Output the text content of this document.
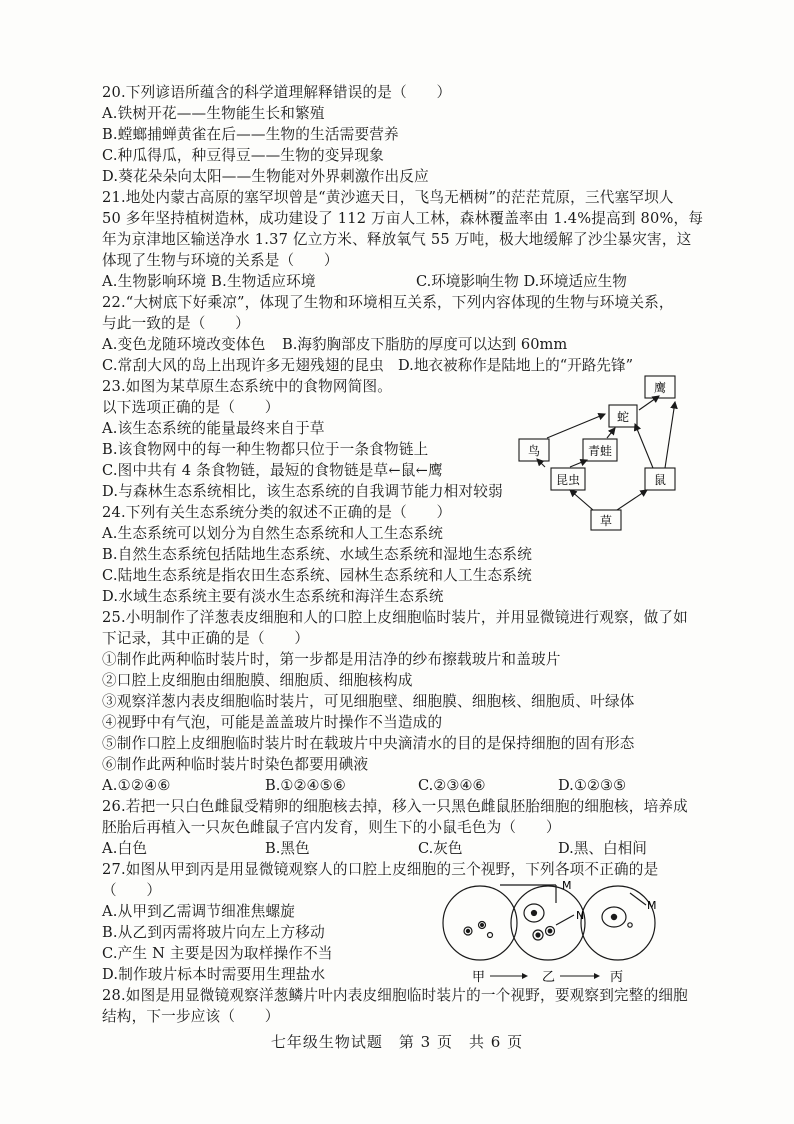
20.下列谚语所蕴含的科学道理解释错误的是（　　）
A.铁树开花——生物能生长和繁殖
B.螳螂捕蝉黄雀在后——生物的生活需要营养
C.种瓜得瓜，种豆得豆——生物的变异现象
D.葵花朵朵向太阳——生物能对外界刺激作出反应
21.地处内蒙古高原的塞罕坝曾是“黄沙遮天日，飞鸟无栖树”的茫茫荒原，三代塞罕坝人
50 多年坚持植树造林，成功建设了 112 万亩人工林，森林覆盖率由 1.4%提高到 80%，每
年为京津地区输送净水 1.37 亿立方米、释放氧气 55 万吨，极大地缓解了沙尘暴灾害，这
体现了生物与环境的关系是（　　）
A.生物影响环境 B.生物适应环境	C.环境影响生物 D.环境适应生物
22.“大树底下好乘凉”，体现了生物和环境相互关系，下列内容体现的生物与环境关系，
与此一致的是（　　）
A.变色龙随环境改变体色 B.海豹胸部皮下脂肪的厚度可以达到 60mm
C.常刮大风的岛上出现许多无翅残翅的昆虫 D.地衣被称作是陆地上的“开路先锋”
23.如图为某草原生态系统中的食物网简图。
以下选项正确的是（　　）
A.该生态系统的能量最终来自于草
B.该食物网中的每一种生物都只位于一条食物链上
C.图中共有 4 条食物链，最短的食物链是草←鼠←鹰
D.与森林生态系统相比，该生态系统的自我调节能力相对较弱
鹰
蛇
鸟	青蛙
昆虫	鼠
草
24.下列有关生态系统分类的叙述不正确的是（　　）
A.生态系统可以划分为自然生态系统和人工生态系统
B.自然生态系统包括陆地生态系统、水域生态系统和湿地生态系统
C.陆地生态系统是指农田生态系统、园林生态系统和人工生态系统
D.水域生态系统主要有淡水生态系统和海洋生态系统
25.小明制作了洋葱表皮细胞和人的口腔上皮细胞临时装片，并用显微镜进行观察，做了如
下记录，其中正确的是（　　）
①制作此两种临时装片时，第一步都是用洁净的纱布擦载玻片和盖玻片
②口腔上皮细胞由细胞膜、细胞质、细胞核构成
③观察洋葱内表皮细胞临时装片，可见细胞壁、细胞膜、细胞核、细胞质、叶绿体
④视野中有气泡，可能是盖盖玻片时操作不当造成的
⑤制作口腔上皮细胞临时装片时在载玻片中央滴清水的目的是保持细胞的固有形态
⑥制作此两种临时装片时染色都要用碘液
A.①②④⑥	B.①②④⑤⑥	C.②③④⑥	D.①②③⑤
26.若把一只白色雌鼠受精卵的细胞核去掉，移入一只黑色雌鼠胚胎细胞的细胞核，培养成
胚胎后再植入一只灰色雌鼠子宫内发育，则生下的小鼠毛色为（　　）
A.白色	B.黑色	C.灰色	D.黑、白相间
27.如图从甲到丙是用显微镜观察人的口腔上皮细胞的三个视野，下列各项不正确的是
（　　）
A.从甲到乙需调节细准焦螺旋
B.从乙到丙需将玻片向左上方移动
C.产生 N 主要是因为取样操作不当
D.制作玻片标本时需要用生理盐水
M
N
M
甲	乙	丙
28.如图是用显微镜观察洋葱鳞片叶内表皮细胞临时装片的一个视野，要观察到完整的细胞
结构，下一步应该（　　）
七年级生物试题　第 3 页　共 6 页
